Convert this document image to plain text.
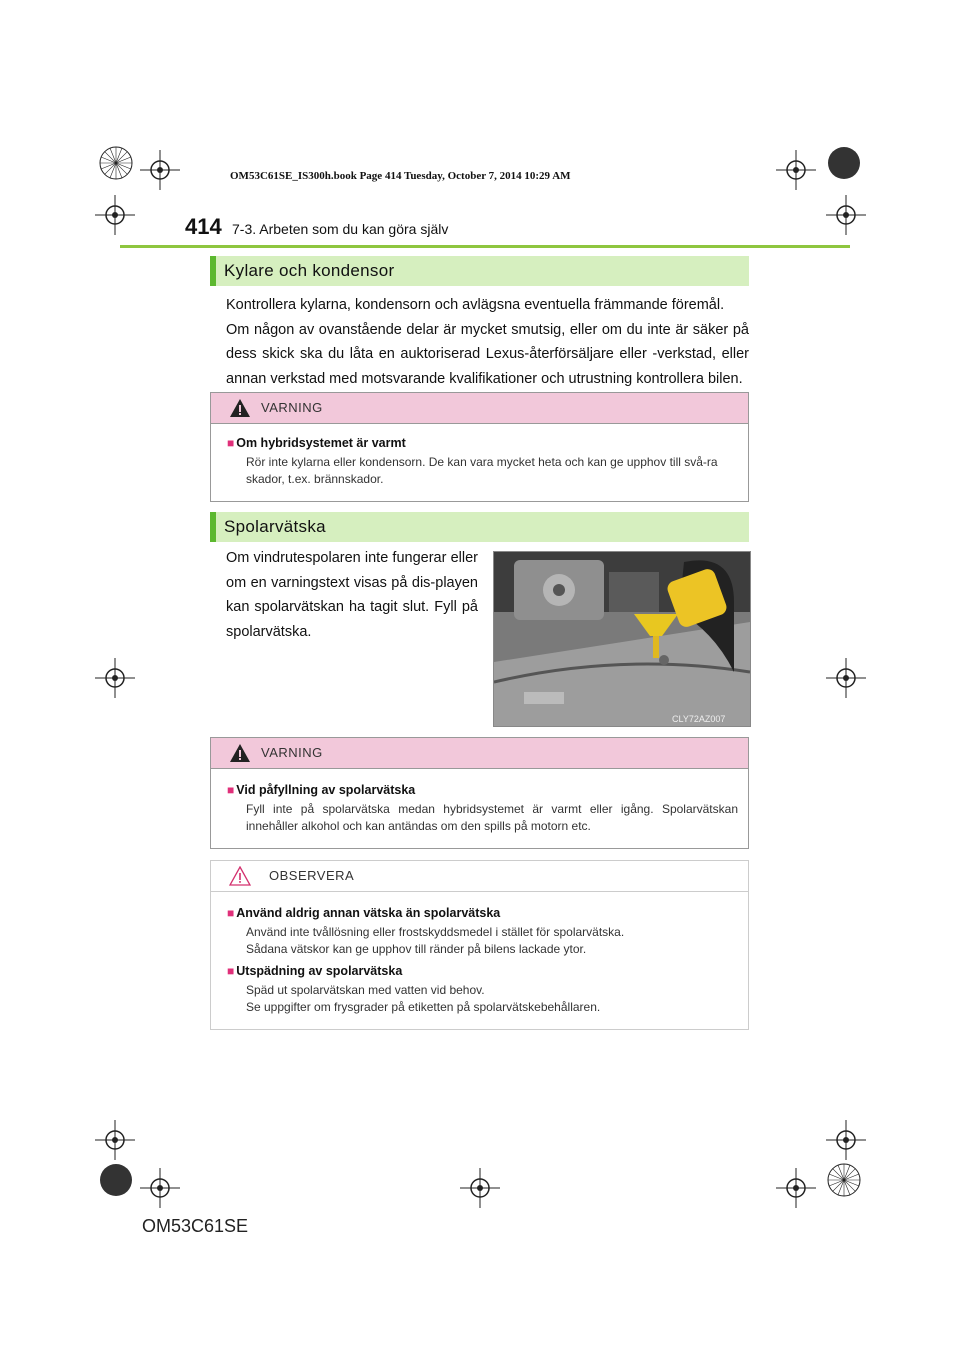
OM53C61SE_IS300h.book Page 414 Tuesday, October 7, 2014 10:29 AM
414 7-3. Arbeten som du kan göra själv
Kylare och kondensor
Kontrollera kylarna, kondensorn och avlägsna eventuella främmande föremål.
Om någon av ovanstående delar är mycket smutsig, eller om du inte är säker på dess skick ska du låta en auktoriserad Lexus-återförsäljare eller -verkstad, eller annan verkstad med motsvarande kvalifikationer och utrustning kontrollera bilen.
VARNING
■ Om hybridsystemet är varmt
Rör inte kylarna eller kondensorn. De kan vara mycket heta och kan ge upphov till svå-ra skador, t.ex. brännskador.
Spolarvätska
Om vindrutespolaren inte fungerar eller om en varningstext visas på dis-playen kan spolarvätskan ha tagit slut. Fyll på spolarvätska.
CLY72AZ007
VARNING
■ Vid påfyllning av spolarvätska
Fyll inte på spolarvätska medan hybridsystemet är varmt eller igång. Spolarvätskan innehåller alkohol och kan antändas om den spills på motorn etc.
OBSERVERA
■ Använd aldrig annan vätska än spolarvätska
Använd inte tvållösning eller frostskyddsmedel i stället för spolarvätska.
Sådana vätskor kan ge upphov till ränder på bilens lackade ytor.
■ Utspädning av spolarvätska
Späd ut spolarvätskan med vatten vid behov.
Se uppgifter om frysgrader på etiketten på spolarvätskebehållaren.
OM53C61SE
